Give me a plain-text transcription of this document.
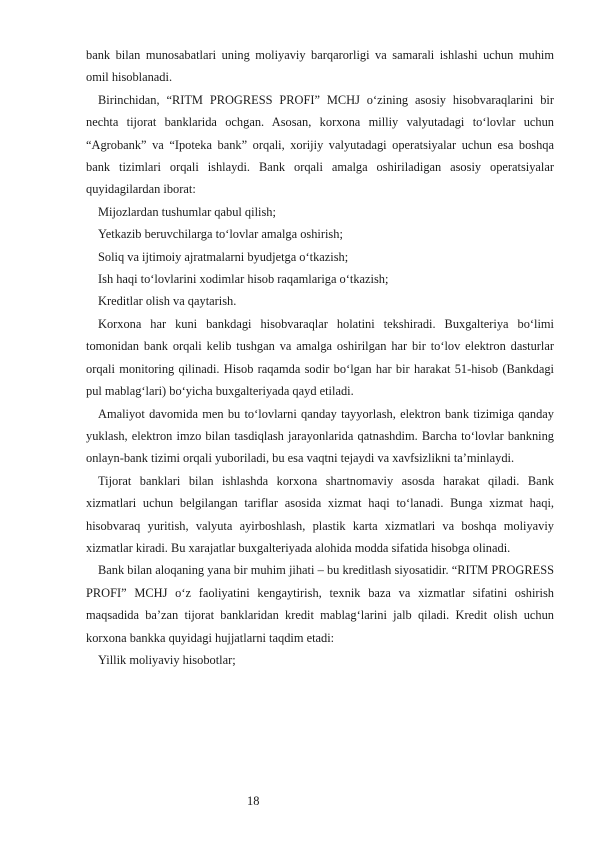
bank bilan munosabatlari uning moliyaviy barqarorligi va samarali ishlashi uchun muhim omil hisoblanadi.

Birinchidan, “RITM PROGRESS PROFI” MCHJ o‘zining asosiy hisobvaraqlarini bir nechta tijorat banklarida ochgan. Asosan, korxona milliy valyutadagi to‘lovlar uchun “Agrobank” va “Ipoteka bank” orqali, xorijiy valyutadagi operatsiyalar uchun esa boshqa bank tizimlari orqali ishlaydi. Bank orqali amalga oshiriladigan asosiy operatsiyalar quyidagilardan iborat:

Mijozlardan tushumlar qabul qilish;

Yetkazib beruvchilarga to‘lovlar amalga oshirish;

Soliq va ijtimoiy ajratmalarni byudjetga o‘tkazish;

Ish haqi to‘lovlarini xodimlar hisob raqamlariga o‘tkazish;

Kreditlar olish va qaytarish.

Korxona har kuni bankdagi hisobvaraqlar holatini tekshiradi. Buxgalteriya bo‘limi tomonidan bank orqali kelib tushgan va amalga oshirilgan har bir to‘lov elektron dasturlar orqali monitoring qilinadi. Hisob raqamda sodir bo‘lgan har bir harakat 51-hisob (Bankdagi pul mablag‘lari) bo‘yicha buxgalteriyada qayd etiladi.

Amaliyot davomida men bu to‘lovlarni qanday tayyorlash, elektron bank tizimiga qanday yuklash, elektron imzo bilan tasdiqlash jarayonlarida qatnashdim. Barcha to‘lovlar bankning onlayn-bank tizimi orqali yuboriladi, bu esa vaqtni tejaydi va xavfsizlikni ta’minlaydi.

Tijorat banklari bilan ishlashda korxona shartnomaviy asosda harakat qiladi. Bank xizmatlari uchun belgilangan tariflar asosida xizmat haqi to‘lanadi. Bunga xizmat haqi, hisobvaraq yuritish, valyuta ayirboshlash, plastik karta xizmatlari va boshqa moliyaviy xizmatlar kiradi. Bu xarajatlar buxgalteriyada alohida modda sifatida hisobga olinadi.

Bank bilan aloqaning yana bir muhim jihati – bu kreditlash siyosatidir. “RITM PROGRESS PROFI” MCHJ o‘z faoliyatini kengaytirish, texnik baza va xizmatlar sifatini oshirish maqsadida ba’zan tijorat banklaridan kredit mablag‘larini jalb qiladi. Kredit olish uchun korxona bankka quyidagi hujjatlarni taqdim etadi:

Yillik moliyaviy hisobotlar;

18
